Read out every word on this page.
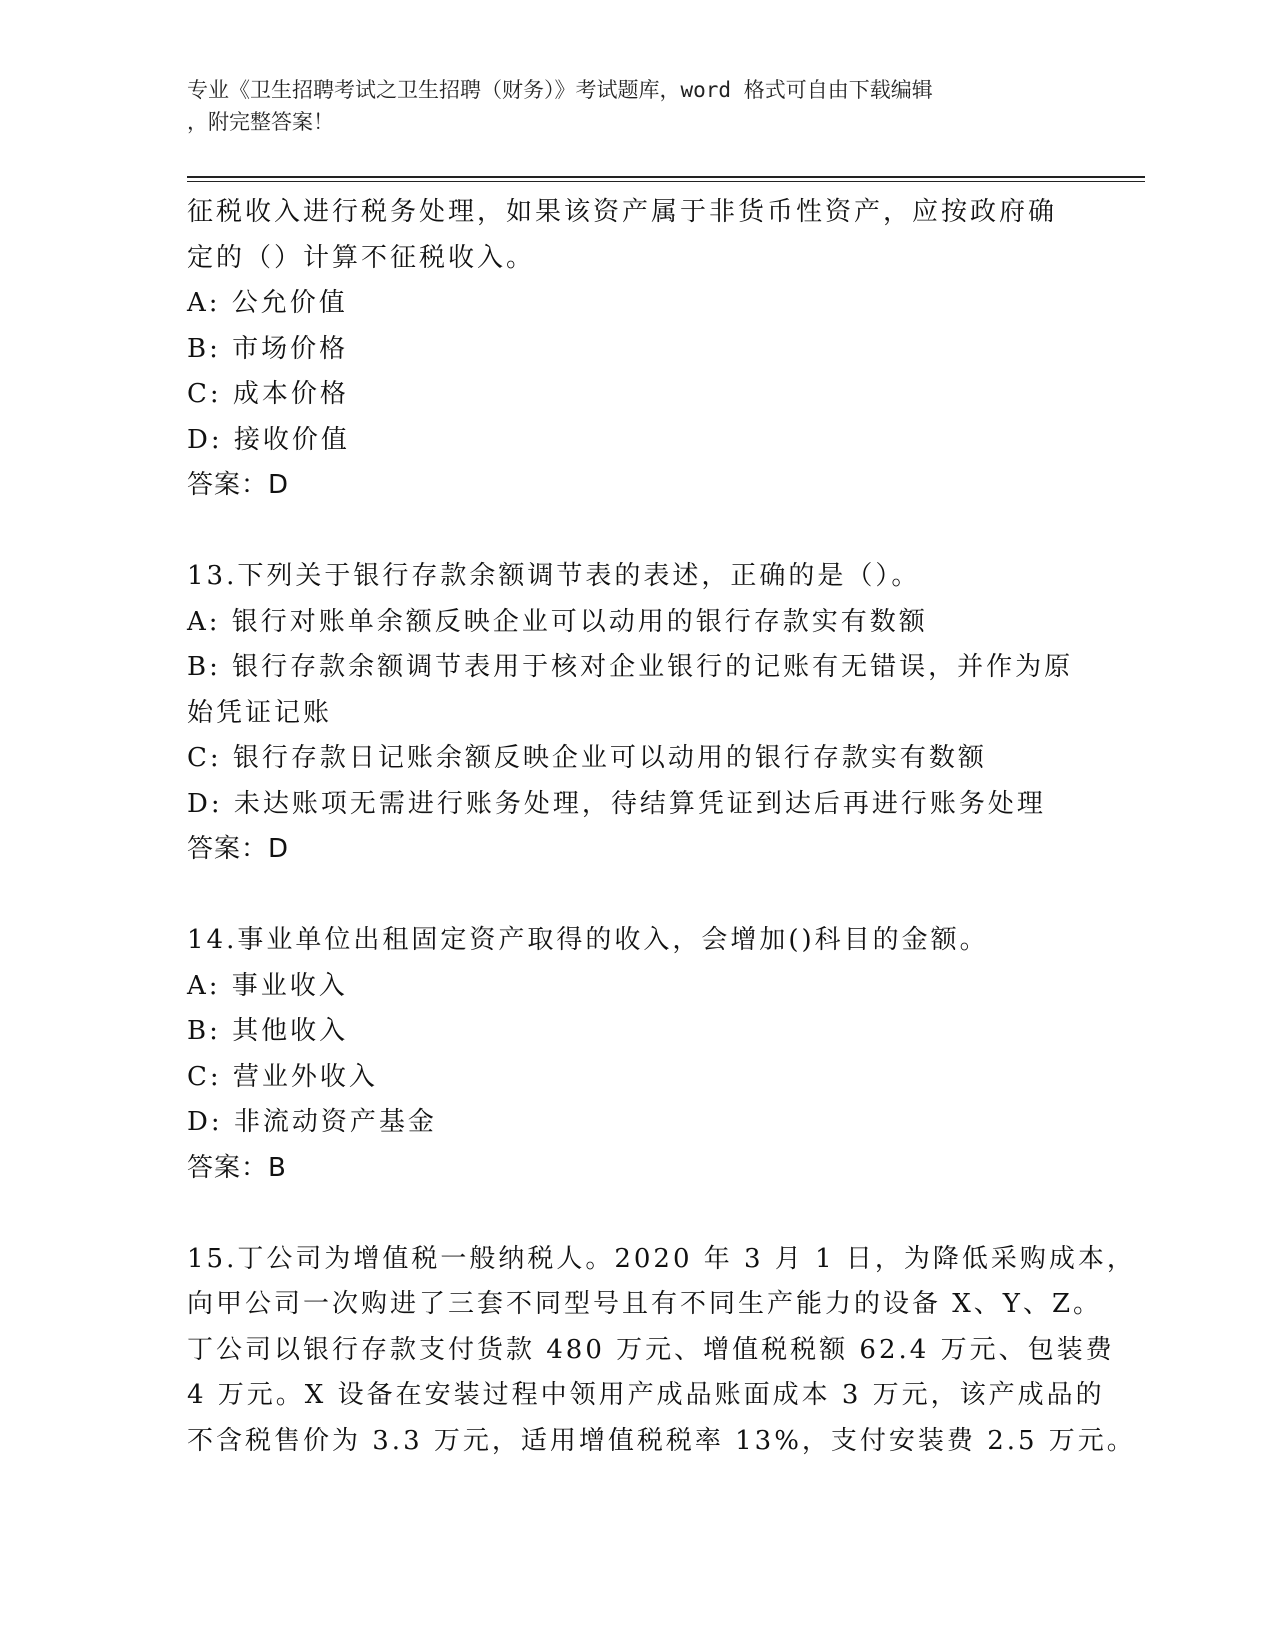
专业《卫生招聘考试之卫生招聘（财务）》考试题库，word 格式可自由下载编辑
，附完整答案！
征税收入进行税务处理，如果该资产属于非货币性资产，应按政府确
定的（）计算不征税收入。
A: 公允价值
B: 市场价格
C: 成本价格
D: 接收价值
答案：D
13.下列关于银行存款余额调节表的表述，正确的是（）。
A: 银行对账单余额反映企业可以动用的银行存款实有数额
B: 银行存款余额调节表用于核对企业银行的记账有无错误，并作为原
始凭证记账
C: 银行存款日记账余额反映企业可以动用的银行存款实有数额
D: 未达账项无需进行账务处理，待结算凭证到达后再进行账务处理
答案：D
14.事业单位出租固定资产取得的收入，会增加()科目的金额。
A: 事业收入
B: 其他收入
C: 营业外收入
D: 非流动资产基金
答案：B
15.丁公司为增值税一般纳税人。2020 年 3 月 1 日，为降低采购成本，
向甲公司一次购进了三套不同型号且有不同生产能力的设备 X、Y、Z。
丁公司以银行存款支付货款 480 万元、增值税税额 62.4 万元、包装费
4 万元。X 设备在安装过程中领用产成品账面成本 3 万元，该产成品的
不含税售价为 3.3 万元，适用增值税税率 13%，支付安装费 2.5 万元。
